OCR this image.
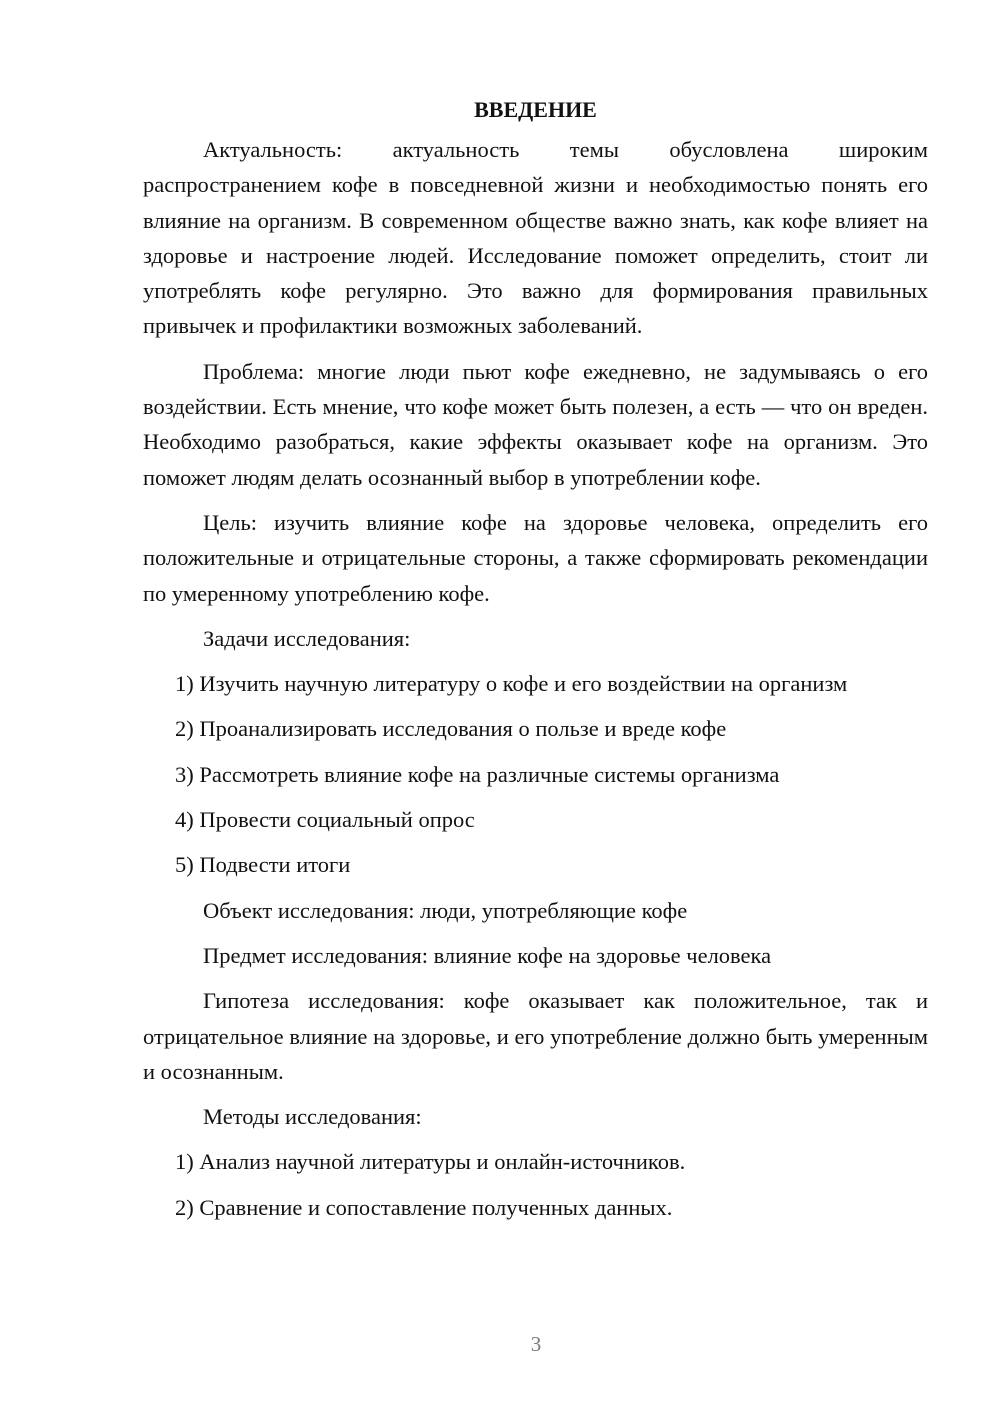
ВВЕДЕНИЕ
Актуальность: актуальность темы обусловлена широким распространением кофе в повседневной жизни и необходимостью понять его влияние на организм. В современном обществе важно знать, как кофе влияет на здоровье и настроение людей. Исследование поможет определить, стоит ли употреблять кофе регулярно. Это важно для формирования правильных привычек и профилактики возможных заболеваний.
Проблема: многие люди пьют кофе ежедневно, не задумываясь о его воздействии. Есть мнение, что кофе может быть полезен, а есть — что он вреден. Необходимо разобраться, какие эффекты оказывает кофе на организм. Это поможет людям делать осознанный выбор в употреблении кофе.
Цель: изучить влияние кофе на здоровье человека, определить его положительные и отрицательные стороны, а также сформировать рекомендации по умеренному употреблению кофе.
Задачи исследования:
1) Изучить научную литературу о кофе и его воздействии на организм
2) Проанализировать исследования о пользе и вреде кофе
3) Рассмотреть влияние кофе на различные системы организма
4) Провести социальный опрос
5) Подвести итоги
Объект исследования: люди, употребляющие кофе
Предмет исследования: влияние кофе на здоровье человека
Гипотеза исследования: кофе оказывает как положительное, так и отрицательное влияние на здоровье, и его употребление должно быть умеренным и осознанным.
Методы исследования:
1) Анализ научной литературы и онлайн-источников.
2) Сравнение и сопоставление полученных данных.
3
